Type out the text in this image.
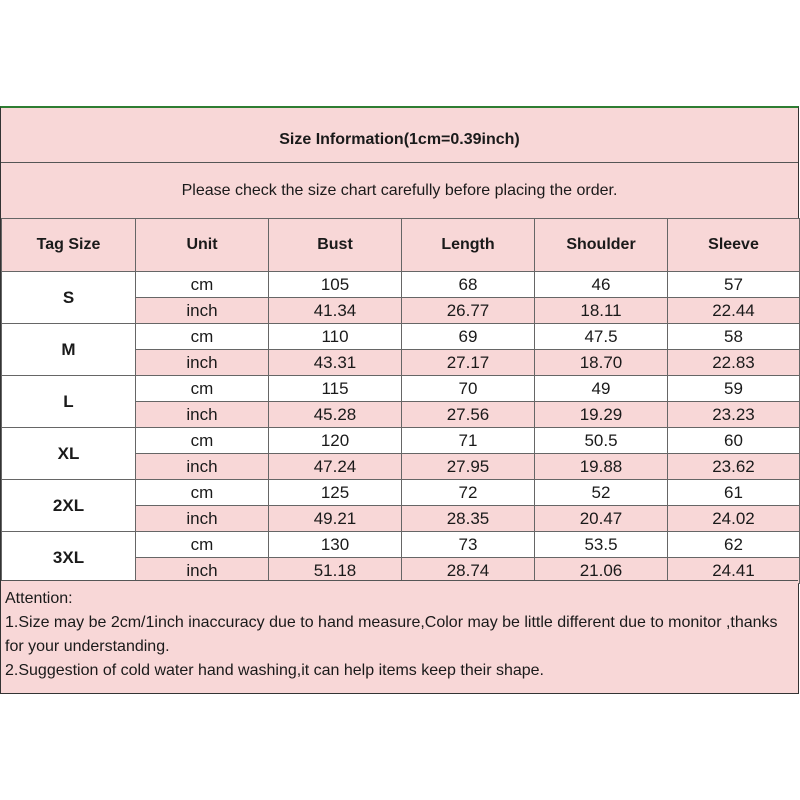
Size Information(1cm=0.39inch)
Please check the size chart carefully before placing the order.
Tag Size	Unit	Bust	Length	Shoulder	Sleeve
S	cm	105	68	46	57
	inch	41.34	26.77	18.11	22.44
M	cm	110	69	47.5	58
	inch	43.31	27.17	18.70	22.83
L	cm	115	70	49	59
	inch	45.28	27.56	19.29	23.23
XL	cm	120	71	50.5	60
	inch	47.24	27.95	19.88	23.62
2XL	cm	125	72	52	61
	inch	49.21	28.35	20.47	24.02
3XL	cm	130	73	53.5	62
	inch	51.18	28.74	21.06	24.41
Attention:
1.Size may be 2cm/1inch inaccuracy due to hand measure,Color may be little different due to monitor ,thanks for your understanding.
2.Suggestion of cold water hand washing,it can help items keep their shape.
